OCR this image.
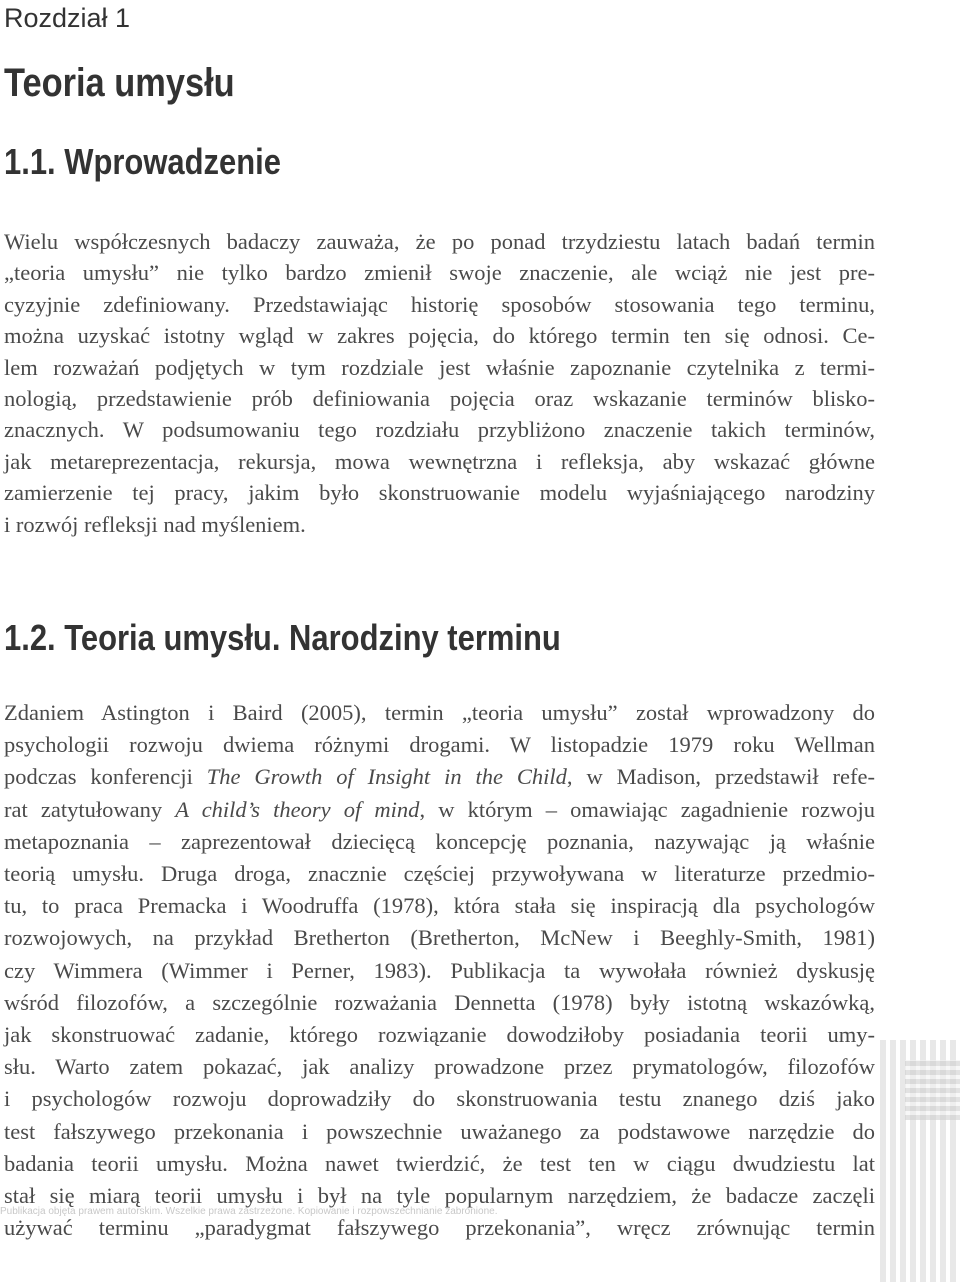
Rozdział 1
Teoria umysłu
1.1. Wprowadzenie
Wielu współczesnych badaczy zauważa, że po ponad trzydziestu latach badań termin
„teoria umysłu” nie tylko bardzo zmienił swoje znaczenie, ale wciąż nie jest pre-
cyzyjnie zdefiniowany. Przedstawiając historię sposobów stosowania tego terminu,
można uzyskać istotny wgląd w zakres pojęcia, do którego termin ten się odnosi. Ce-
lem rozważań podjętych w tym rozdziale jest właśnie zapoznanie czytelnika z termi-
nologią, przedstawienie prób definiowania pojęcia oraz wskazanie terminów blisko-
znacznych. W podsumowaniu tego rozdziału przybliżono znaczenie takich terminów,
jak metareprezentacja, rekursja, mowa wewnętrzna i refleksja, aby wskazać główne
zamierzenie tej pracy, jakim było skonstruowanie modelu wyjaśniającego narodziny
i rozwój refleksji nad myśleniem.
1.2. Teoria umysłu. Narodziny terminu
Zdaniem Astington i Baird (2005), termin „teoria umysłu” został wprowadzony do
psychologii rozwoju dwiema różnymi drogami. W listopadzie 1979 roku Wellman
podczas konferencji The Growth of Insight in the Child, w Madison, przedstawił refe-
rat zatytułowany A child’s theory of mind, w którym – omawiając zagadnienie rozwoju
metapoznania – zaprezentował dziecięcą koncepcję poznania, nazywając ją właśnie
teorią umysłu. Druga droga, znacznie częściej przywoływana w literaturze przedmio-
tu, to praca Premacka i Woodruffa (1978), która stała się inspiracją dla psychologów
rozwojowych, na przykład Bretherton (Bretherton, McNew i Beeghly-Smith, 1981)
czy Wimmera (Wimmer i Perner, 1983). Publikacja ta wywołała również dyskusję
wśród filozofów, a szczególnie rozważania Dennetta (1978) były istotną wskazówką,
jak skonstruować zadanie, którego rozwiązanie dowodziłoby posiadania teorii umy-
słu. Warto zatem pokazać, jak analizy prowadzone przez prymatologów, filozofów
i psychologów rozwoju doprowadziły do skonstruowania testu znanego dziś jako
test fałszywego przekonania i powszechnie uważanego za podstawowe narzędzie do
badania teorii umysłu. Można nawet twierdzić, że test ten w ciągu dwudziestu lat
stał się miarą teorii umysłu i był na tyle popularnym narzędziem, że badacze zaczęli
używać terminu „paradygmat fałszywego przekonania”, wręcz zrównując termin
Publikacja objęta prawem autorskim. Wszelkie prawa zastrzeżone. Kopiowanie i rozpowszechnianie zabronione.
